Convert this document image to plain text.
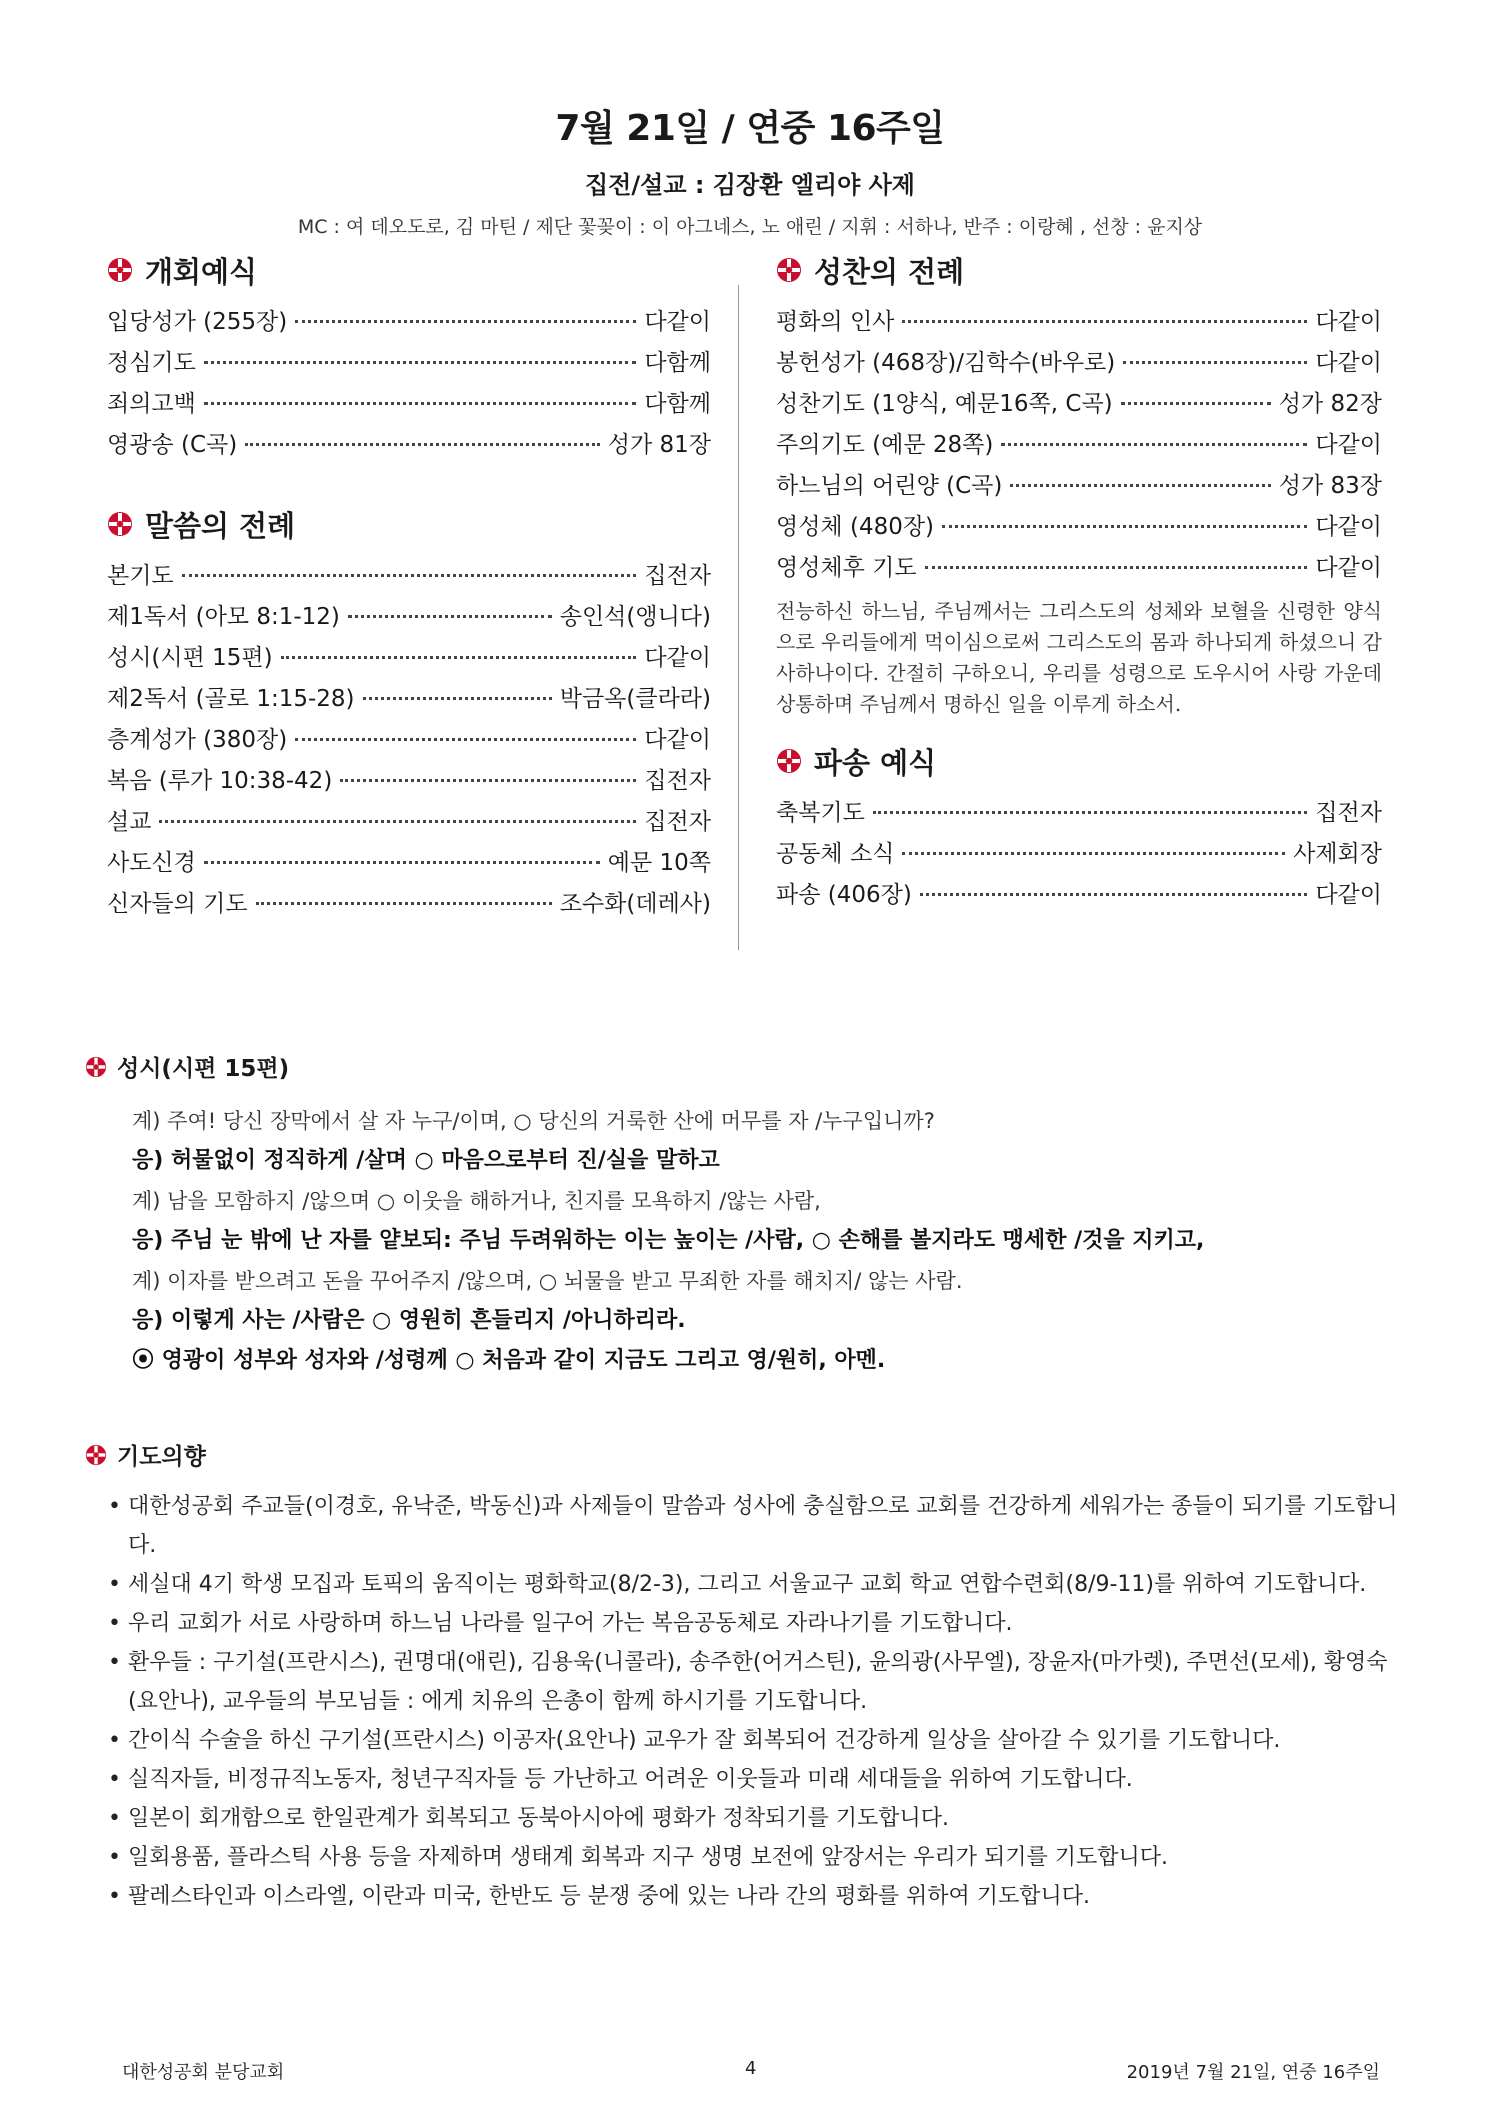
7월 21일 / 연중 16주일
집전/설교 : 김장환 엘리야 사제
MC : 여 데오도로, 김 마틴 / 제단 꽃꽂이 : 이 아그네스, 노 애린 / 지휘 : 서하나, 반주 : 이랑혜 , 선창 : 윤지상
개회예식
입당성가 (255장)	다같이
정심기도	다함께
죄의고백	다함께
영광송 (C곡)	성가 81장
말씀의 전례
본기도	집전자
제1독서 (아모 8:1-12)	송인석(앵니다)
성시(시편 15편)	다같이
제2독서 (골로 1:15-28)	박금옥(클라라)
층계성가 (380장)	다같이
복음 (루가 10:38-42)	집전자
설교	집전자
사도신경	예문 10쪽
신자들의 기도	조수화(데레사)
성찬의 전례
평화의 인사	다같이
봉헌성가 (468장)/김학수(바우로)	다같이
성찬기도 (1양식, 예문16쪽, C곡)	성가 82장
주의기도 (예문 28쪽)	다같이
하느님의 어린양 (C곡)	성가 83장
영성체 (480장)	다같이
영성체후 기도	다같이
전능하신 하느님, 주님께서는 그리스도의 성체와 보혈을 신령한 양식으로 우리들에게 먹이심으로써 그리스도의 몸과 하나되게 하셨으니 감사하나이다. 간절히 구하오니, 우리를 성령으로 도우시어 사랑 가운데 상통하며 주님께서 명하신 일을 이루게 하소서.
파송 예식
축복기도	집전자
공동체 소식	사제회장
파송 (406장)	다같이
성시(시편 15편)
계) 주여! 당신 장막에서 살 자 누구/이며, ○ 당신의 거룩한 산에 머무를 자 /누구입니까?
응) 허물없이 정직하게 /살며 ○ 마음으로부터 진/실을 말하고
계) 남을 모함하지 /않으며 ○ 이웃을 해하거나, 친지를 모욕하지 /않는 사람,
응) 주님 눈 밖에 난 자를 얕보되: 주님 두려워하는 이는 높이는 /사람, ○ 손해를 볼지라도 맹세한 /것을 지키고,
계) 이자를 받으려고 돈을 꾸어주지 /않으며, ○ 뇌물을 받고 무죄한 자를 해치지/ 않는 사람.
응) 이렇게 사는 /사람은 ○ 영원히 흔들리지 /아니하리라.
⦿ 영광이 성부와 성자와 /성령께 ○ 처음과 같이 지금도 그리고 영/원히, 아멘.
기도의향
• 대한성공회 주교들(이경호, 유낙준, 박동신)과 사제들이 말씀과 성사에 충실함으로 교회를 건강하게 세워가는 종들이 되기를 기도합니다.
• 세실대 4기 학생 모집과 토픽의 움직이는 평화학교(8/2-3), 그리고 서울교구 교회 학교 연합수련회(8/9-11)를 위하여 기도합니다.
• 우리 교회가 서로 사랑하며 하느님 나라를 일구어 가는 복음공동체로 자라나기를 기도합니다.
• 환우들 : 구기설(프란시스), 권명대(애린), 김용욱(니콜라), 송주한(어거스틴), 윤의광(사무엘), 장윤자(마가렛), 주면선(모세), 황영숙(요안나), 교우들의 부모님들 : 에게 치유의 은총이 함께 하시기를 기도합니다.
• 간이식 수술을 하신 구기설(프란시스) 이공자(요안나) 교우가 잘 회복되어 건강하게 일상을 살아갈 수 있기를 기도합니다.
• 실직자들, 비정규직노동자, 청년구직자들 등 가난하고 어려운 이웃들과 미래 세대들을 위하여 기도합니다.
• 일본이 회개함으로 한일관계가 회복되고 동북아시아에 평화가 정착되기를 기도합니다.
• 일회용품, 플라스틱 사용 등을 자제하며 생태계 회복과 지구 생명 보전에 앞장서는 우리가 되기를 기도합니다.
• 팔레스타인과 이스라엘, 이란과 미국, 한반도 등 분쟁 중에 있는 나라 간의 평화를 위하여 기도합니다.
대한성공회 분당교회	4	2019년 7월 21일, 연중 16주일
